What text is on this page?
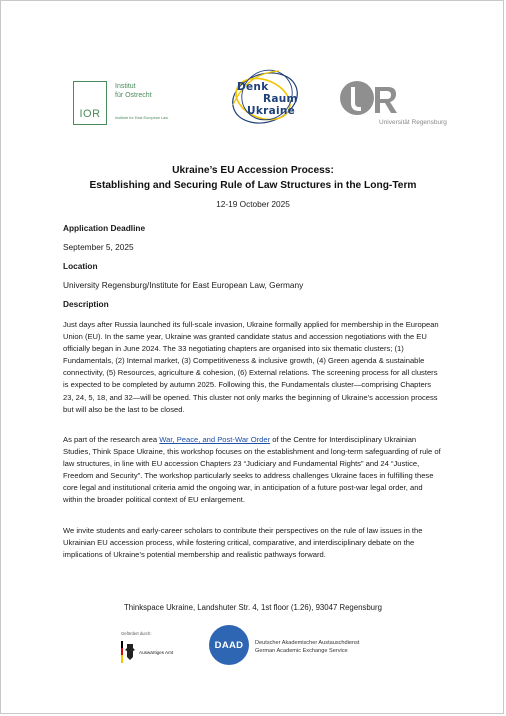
IOR
Institut
für Ostrecht
Institute for East European Law
Denk
Raum
Ukraine
Universität Regensburg
Ukraine’s EU Accession Process:
Establishing and Securing Rule of Law Structures in the Long-Term
12-19 October 2025
Application Deadline
September 5, 2025
Location
University Regensburg/Institute for East European Law, Germany
Description
Just days after Russia launched its full-scale invasion, Ukraine formally applied for membership in the European Union (EU). In the same year, Ukraine was granted candidate status and accession negotiations with the EU officially began in June 2024. The 33 negotiating chapters are organised into six thematic clusters; (1) Fundamentals, (2) Internal market, (3) Competitiveness & inclusive growth, (4) Green agenda & sustainable connectivity, (5) Resources, agriculture & cohesion, (6) External relations. The screening process for all clusters is expected to be completed by autumn 2025. Following this, the Fundamentals cluster—comprising Chapters 23, 24, 5, 18, and 32—will be opened. This cluster not only marks the beginning of Ukraine’s accession process but will also be the last to be closed.
As part of the research area War, Peace, and Post-War Order of the Centre for Interdisciplinary Ukrainian Studies, Think Space Ukraine, this workshop focuses on the establishment and long-term safeguarding of rule of law structures, in line with EU accession Chapters 23 “Judiciary and Fundamental Rights” and 24 “Justice, Freedom and Security”. The workshop particularly seeks to address challenges Ukraine faces in fulfilling these core legal and institutional criteria amid the ongoing war, in anticipation of a future post-war legal order, and within the broader political context of EU enlargement.
We invite students and early-career scholars to contribute their perspectives on the rule of law issues in the Ukrainian EU accession process, while fostering critical, comparative, and interdisciplinary debate on the implications of Ukraine’s potential membership and realistic pathways forward.
Thinkspace Ukraine, Landshuter Str. 4, 1st floor (1.26), 93047 Regensburg
Gefördert durch:
Auswärtiges Amt
DAAD Deutscher Akademischer Austauschdienst
German Academic Exchange Service
